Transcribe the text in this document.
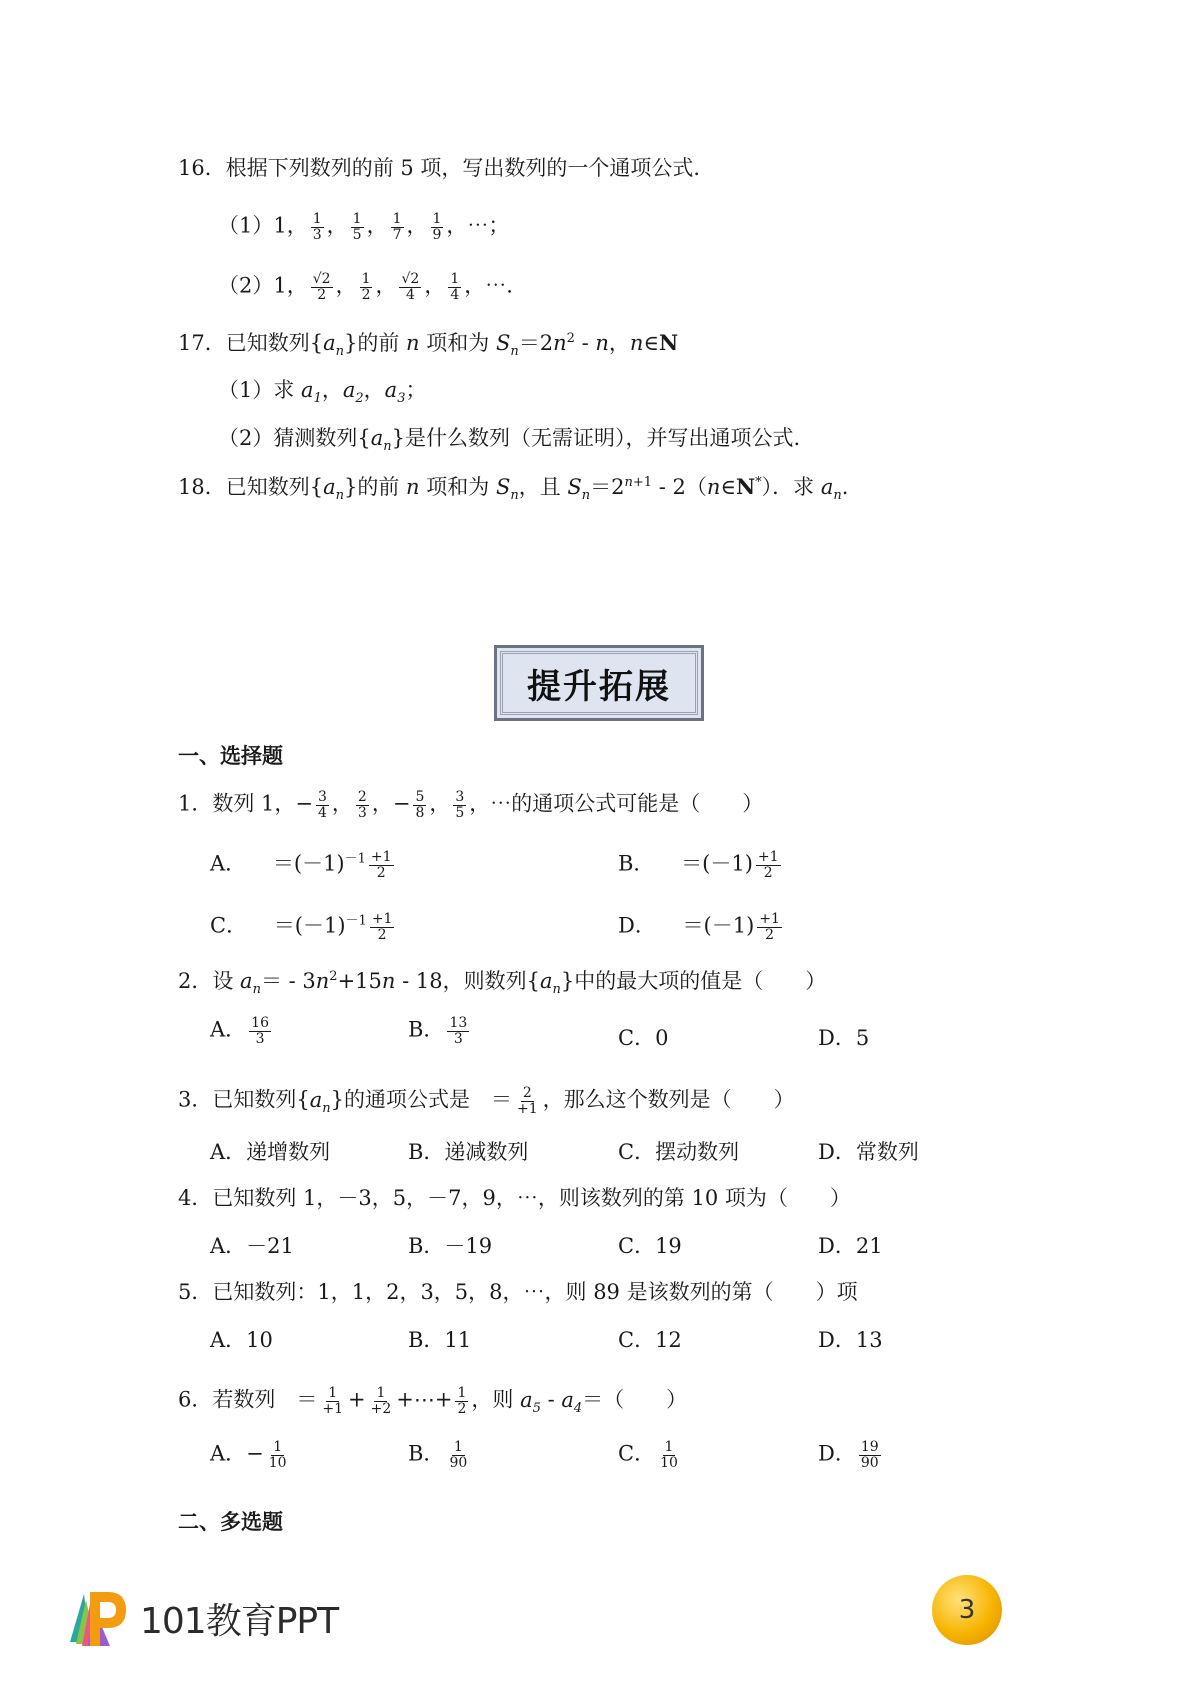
16．根据下列数列的前 5 项，写出数列的一个通项公式．
（1）1， $\frac{1}{3}$ ， $\frac{1}{5}$ ， $\frac{1}{7}$ ， $\frac{1}{9}$ ，⋯；
（2）1， $\frac{√2}{2}$ ， $\frac{1}{2}$ ， $\frac{√2}{4}$ ， $\frac{1}{4}$ ，⋯.
17．已知数列$\{a_n\}$的前 n 项和为 $S_n=2n^2 - n$，n∈N
（1）求 $a_1$，$a_2$，$a_3$；
（2）猜测数列$\{a_n\}$是什么数列（无需证明），并写出通项公式.
18．已知数列$\{a_n\}$的前 n 项和为 $S_n$，且 $S_n=2^{n+1}$ - 2（n∈N*）．求 $a_n$.
提升拓展
一、选择题
1．数列 1，− $\frac{3}{4}$ ， $\frac{2}{3}$ ，− $\frac{5}{8}$ ， $\frac{3}{5}$ ，⋯的通项公式可能是（　　）
A． $=(-1)^{-1} \frac{+1}{2}$	B． $=(-1) \frac{+1}{2}$
C． $=(-1)^{-1} \frac{+1}{2}$	D． $=(-1) \frac{+1}{2}$
2．设 $a_n= - 3n^2+15n - 18$，则数列$\{a_n\}$中的最大项的值是（　　）
A． $\frac{16}{3}$	B． $\frac{13}{3}$	C．0	D．5
3．已知数列$\{a_n\}$的通项公式是　＝ $\frac{2}{+1}$ ，那么这个数列是（　　）
A．递增数列	B．递减数列	C．摆动数列	D．常数列
4．已知数列 1，－3，5，－7，9，⋯，则该数列的第 10 项为（　　）
A．－21	B．－19	C．19	D．21
5．已知数列：1，1，2，3，5，8，⋯，则 89 是该数列的第（　　）项
A．10	B．11	C．12	D．13
6．若数列　＝ $\frac{1}{+1} + \frac{1}{+2}$ +⋯+ $\frac{1}{2}$ ，则 $a_5 - a_4=$（　　）
A．− $\frac{1}{10}$	B． $\frac{1}{90}$	C． $\frac{1}{10}$	D． $\frac{19}{90}$
二、多选题
101教育PPT	3
